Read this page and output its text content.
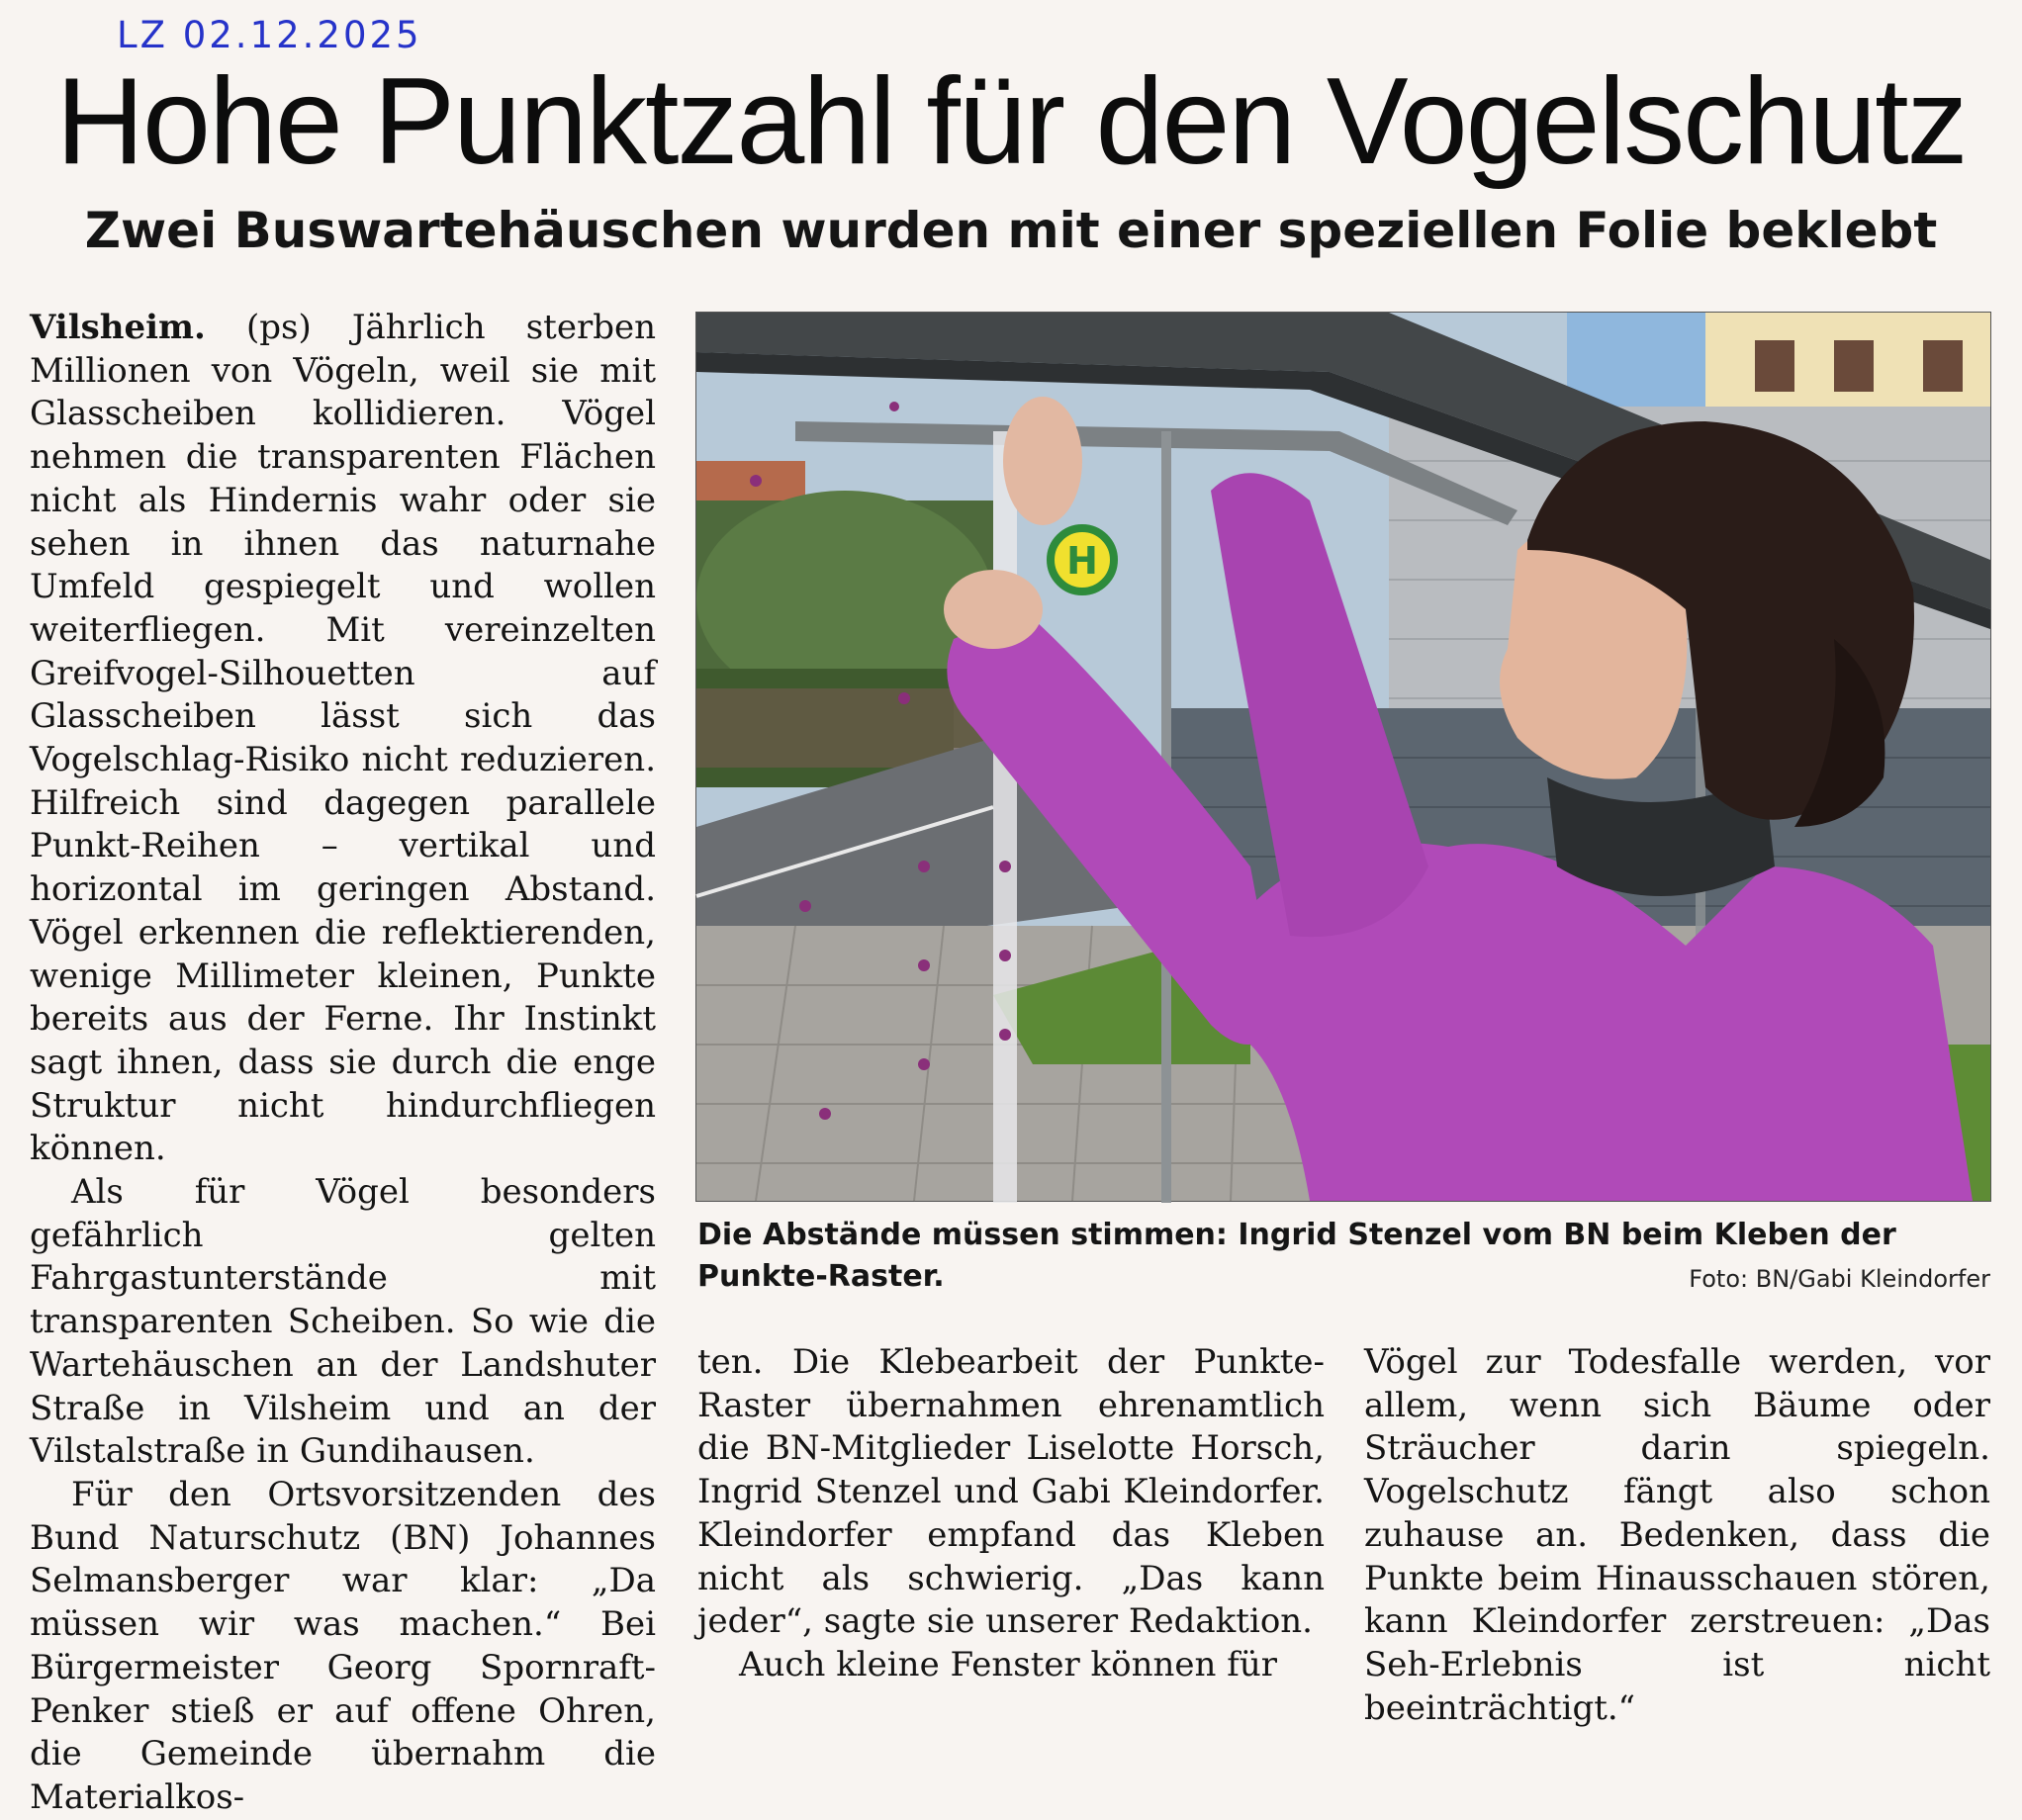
LZ 02.12.2025
Hohe Punktzahl für den Vogelschutz
Zwei Buswartehäuschen wurden mit einer speziellen Folie beklebt

Vilsheim. (ps) Jährlich sterben Millionen von Vögeln, weil sie mit Glasscheiben kollidieren. Vögel nehmen die transparenten Flächen nicht als Hindernis wahr oder sie sehen in ihnen das naturnahe Umfeld gespiegelt und wollen weiterfliegen. Mit vereinzelten Greifvogel-Silhouetten auf Glasscheiben lässt sich das Vogelschlag-Risiko nicht reduzieren. Hilfreich sind dagegen parallele Punkt-Reihen – vertikal und horizontal im geringen Abstand. Vögel erkennen die reflektierenden, wenige Millimeter kleinen, Punkte bereits aus der Ferne. Ihr Instinkt sagt ihnen, dass sie durch die enge Struktur nicht hindurchfliegen können.

Als für Vögel besonders gefährlich gelten Fahrgastunterstände mit transparenten Scheiben. So wie die Wartehäuschen an der Landshuter Straße in Vilsheim und an der Vilstalstraße in Gundihausen.

Für den Ortsvorsitzenden des Bund Naturschutz (BN) Johannes Selmansberger war klar: „Da müssen wir was machen.“ Bei Bürgermeister Georg Spornraft-Penker stieß er auf offene Ohren, die Gemeinde übernahm die Materialkos-

H
Die Abstände müssen stimmen: Ingrid Stenzel vom BN beim Kleben der Punkte-Raster.	Foto: BN/Gabi Kleindorfer

ten. Die Klebearbeit der Punkte-Raster übernahmen ehrenamtlich die BN-Mitglieder Liselotte Horsch, Ingrid Stenzel und Gabi Kleindorfer. Kleindorfer empfand das Kleben nicht als schwierig. „Das kann jeder“, sagte sie unserer Redaktion.

Auch kleine Fenster können für

Vögel zur Todesfalle werden, vor allem, wenn sich Bäume oder Sträucher darin spiegeln. Vogelschutz fängt also schon zuhause an. Bedenken, dass die Punkte beim Hinausschauen stören, kann Kleindorfer zerstreuen: „Das Seh-Erlebnis ist nicht beeinträchtigt.“
